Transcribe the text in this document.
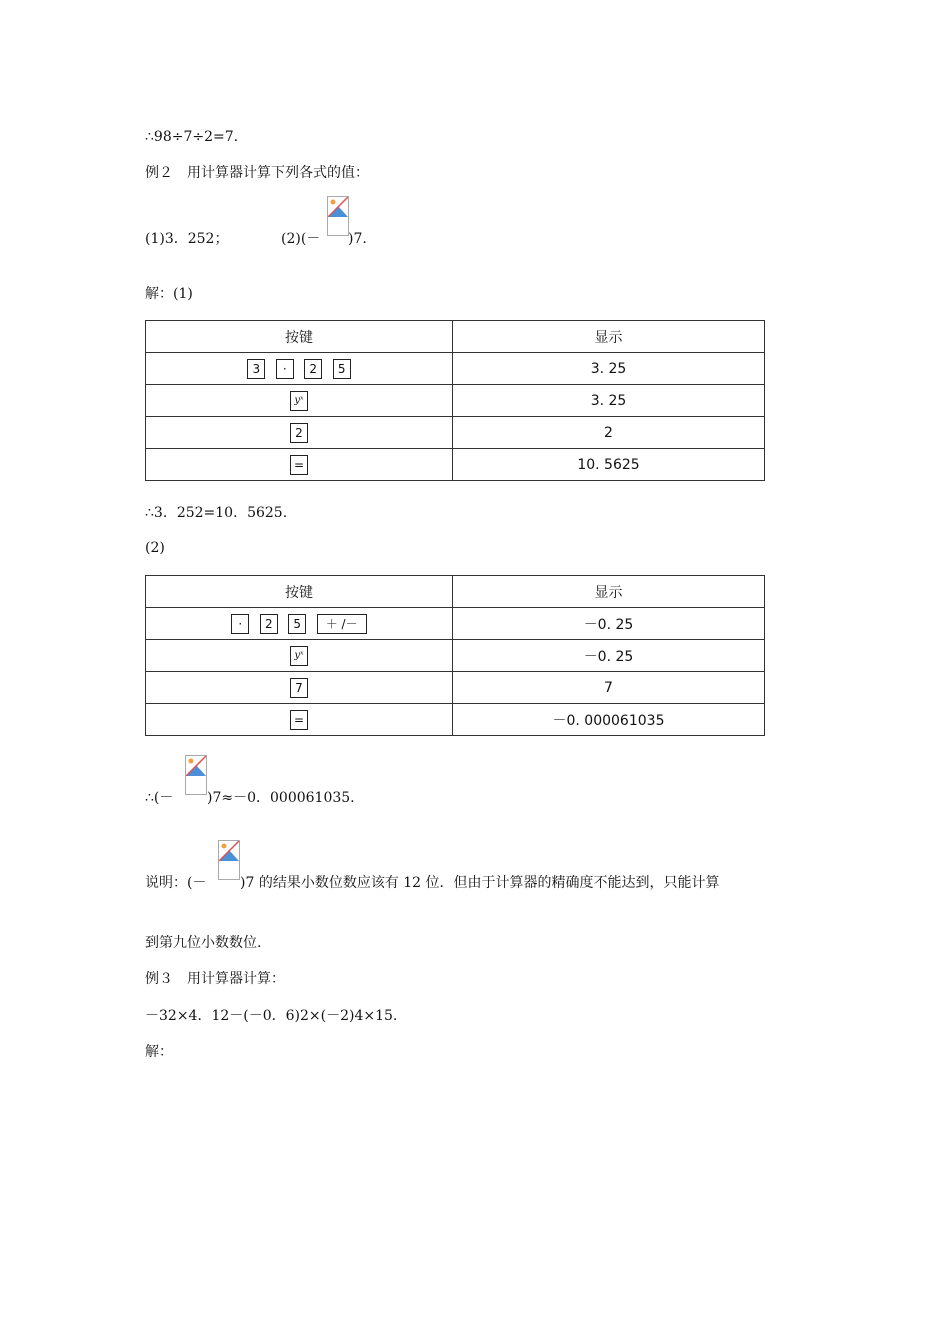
∴98÷7÷2=7.
例２　用计算器计算下列各式的值：
(1)3．252；	(2)(－ )7.
解：(1)
按键	显示
3 · 2 5	3. 25
yˣ	3. 25
2	2
=	10. 5625
∴3．252=10．5625.
(2)
按键	显示
· 2 5 ＋ /－	－0. 25
yˣ	－0. 25
7	7
=	－0. 000061035
∴(－ )7≈－0．000061035.
说明：(－ )7 的结果小数位数应该有 12 位．但由于计算器的精确度不能达到，只能计算
到第九位小数数位.
例３　用计算器计算：
－32×4．12－(－0．6)2×(－2)4×15.
解：
